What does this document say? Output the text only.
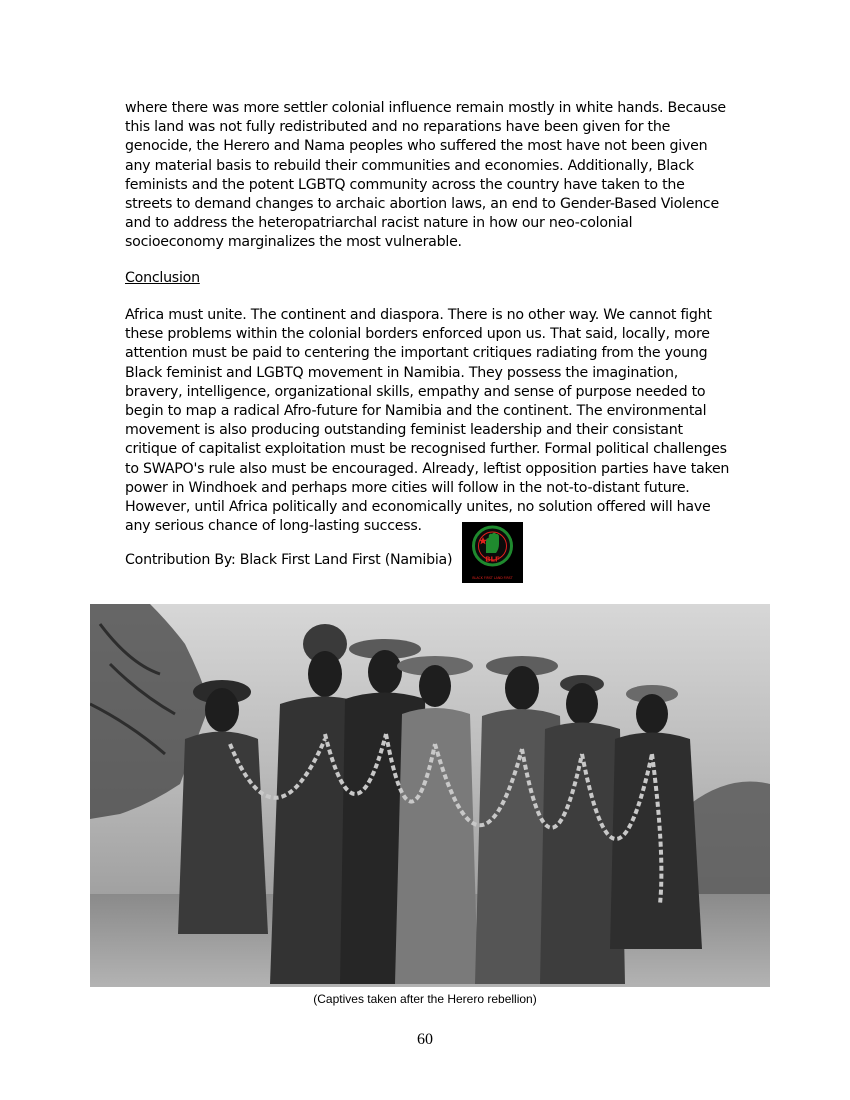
where there was more settler colonial influence remain mostly in white hands. Because this land was not fully redistributed and no reparations have been given for the genocide, the Herero and Nama peoples who suffered the most have not been given any material basis to rebuild their communities and economies. Additionally, Black feminists and the potent LGBTQ community across the country have taken to the streets to demand changes to archaic abortion laws, an end to Gender-Based Violence and to address the heteropatriarchal racist nature in how our neo-colonial socioeconomy marginalizes the most vulnerable.
Conclusion
Africa must unite. The continent and diaspora. There is no other way. We cannot fight these problems within the colonial borders enforced upon us. That said, locally, more attention must be paid to centering the important critiques radiating from the young Black feminist and LGBTQ movement in Namibia. They possess the imagination, bravery, intelligence, organizational skills, empathy and sense of purpose needed to begin to map a radical Afro-future for Namibia and the continent. The environmental movement is also producing outstanding feminist leadership and their consistant critique of capitalist exploitation must be recognised further. Formal political challenges to SWAPO's rule also must be encouraged. Already, leftist opposition parties have taken power in Windhoek and perhaps more cities will follow in the not-to-distant future. However, until Africa politically and economically unites, no solution offered will have any serious chance of long-lasting success.
Contribution By: Black First Land First (Namibia)	BLF
BLACK FIRST LAND FIRST
(Captives taken after the Herero rebellion)
60
